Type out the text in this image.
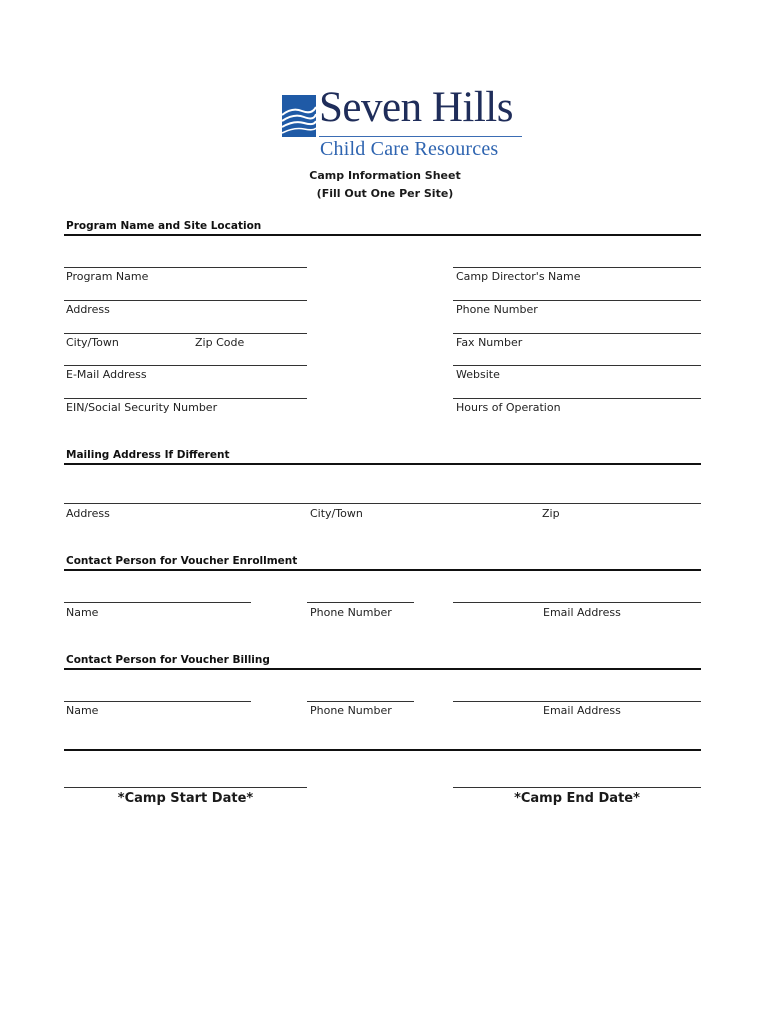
Seven Hills
Child Care Resources
Camp Information Sheet
(Fill Out One Per Site)
Program Name and Site Location
Program Name	Camp Director's Name
Address	Phone Number
City/Town	Zip Code	Fax Number
E-Mail Address	Website
EIN/Social Security Number	Hours of Operation
Mailing Address If Different
Address	City/Town	Zip
Contact Person for Voucher Enrollment
Name	Phone Number	Email Address
Contact Person for Voucher Billing
Name	Phone Number	Email Address
*Camp Start Date*	*Camp End Date*
